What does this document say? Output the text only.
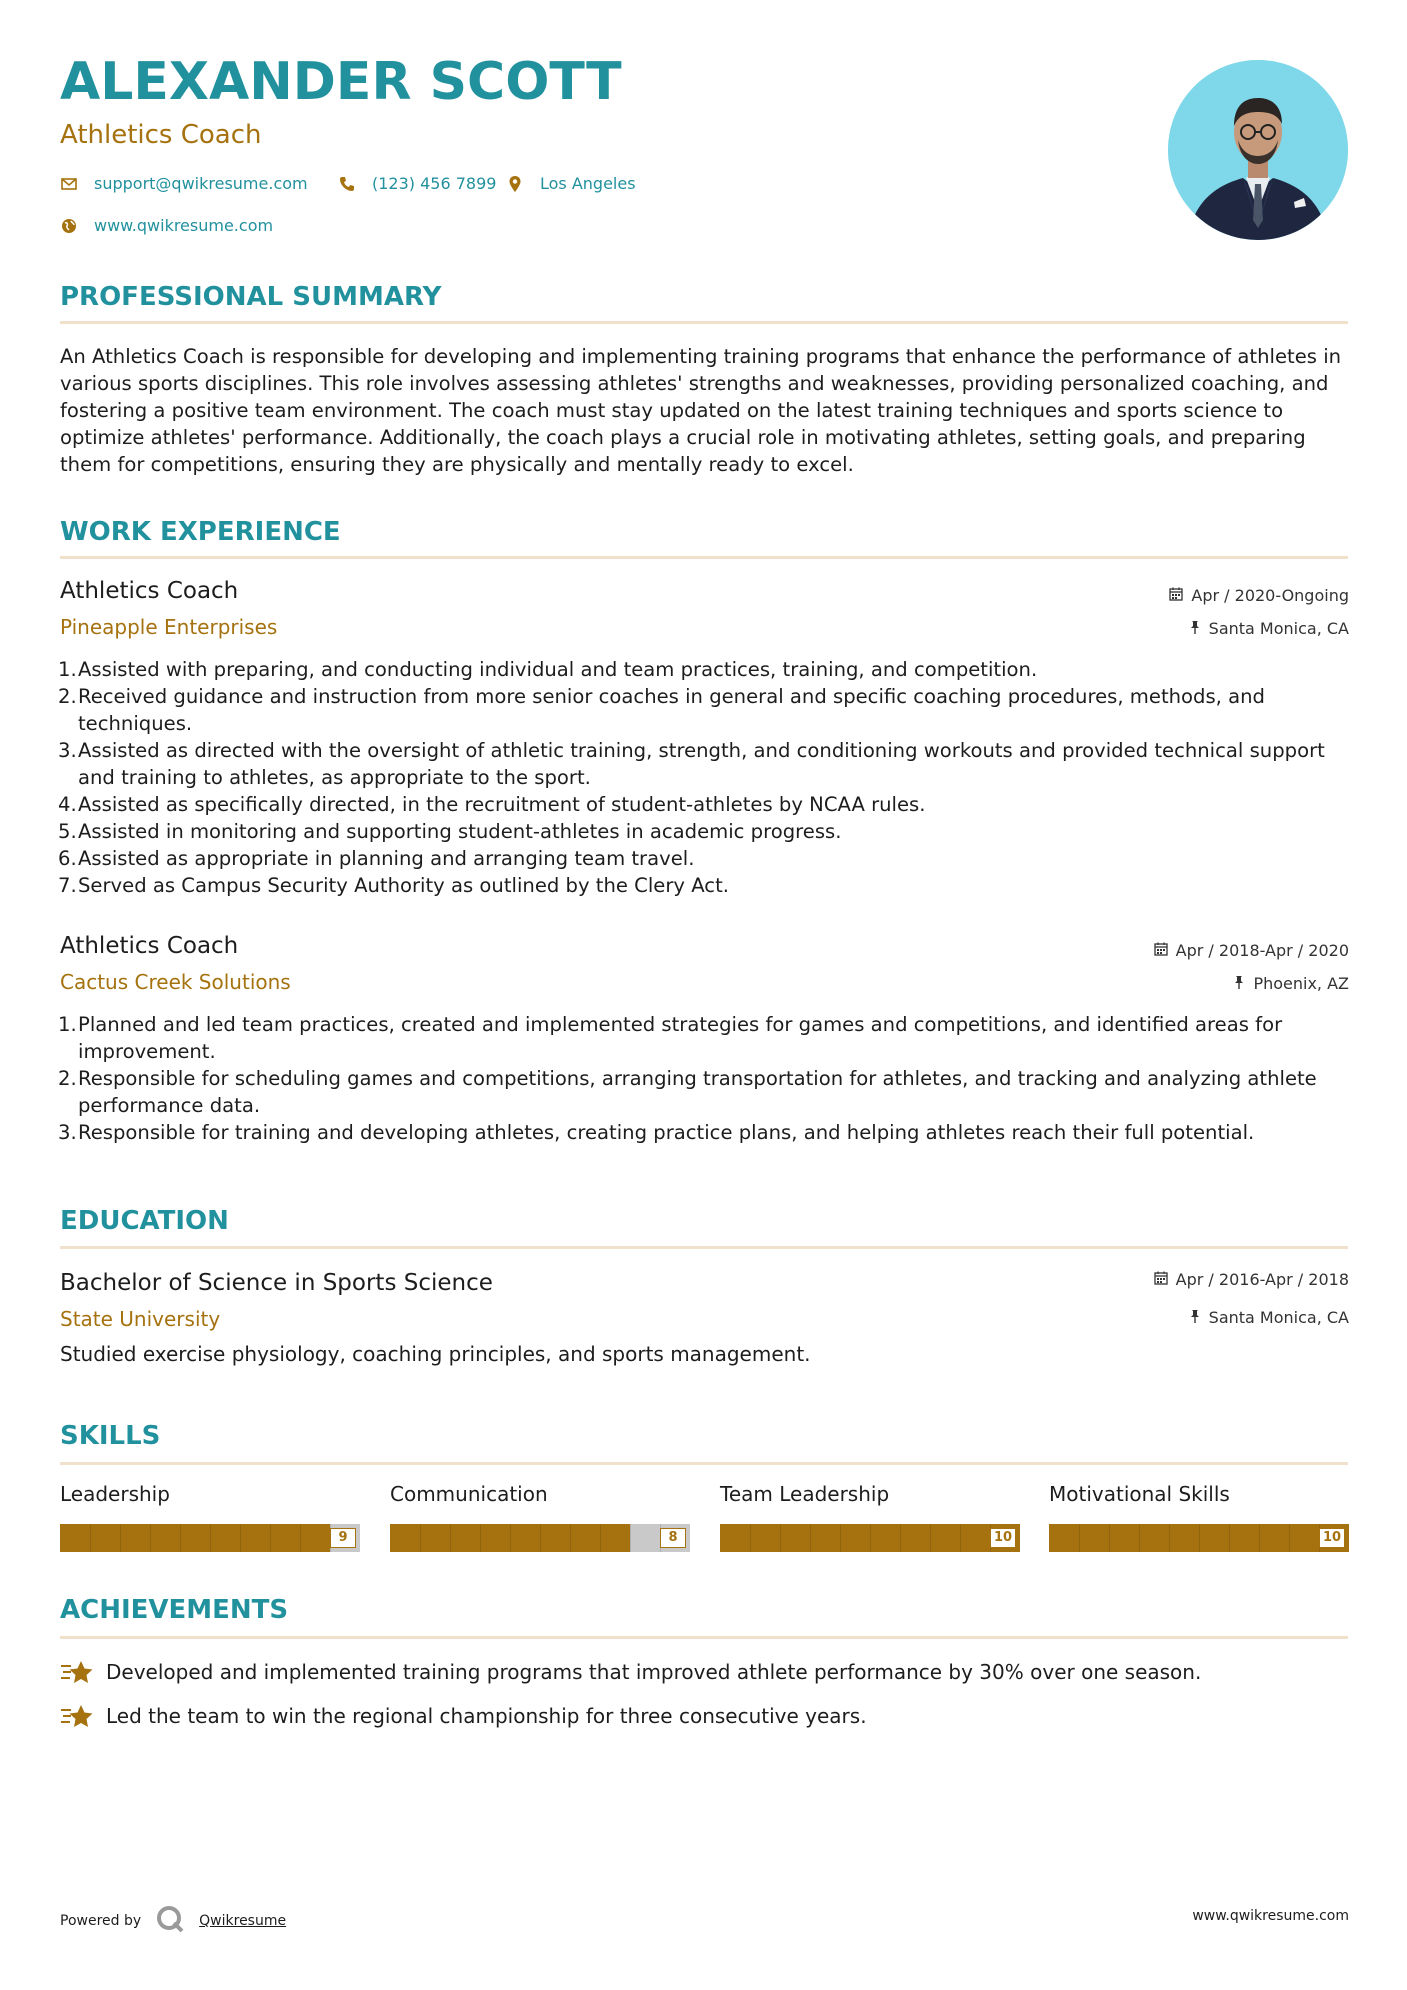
ALEXANDER SCOTT
Athletics Coach
support@qwikresume.com	(123) 456 7899	Los Angeles
www.qwikresume.com
PROFESSIONAL SUMMARY
An Athletics Coach is responsible for developing and implementing training programs that enhance the performance of athletes in various sports disciplines. This role involves assessing athletes' strengths and weaknesses, providing personalized coaching, and fostering a positive team environment. The coach must stay updated on the latest training techniques and sports science to optimize athletes' performance. Additionally, the coach plays a crucial role in motivating athletes, setting goals, and preparing them for competitions, ensuring they are physically and mentally ready to excel.
WORK EXPERIENCE
Athletics Coach
Pineapple Enterprises
Apr / 2020-Ongoing
Santa Monica, CA
1. Assisted with preparing, and conducting individual and team practices, training, and competition.
2. Received guidance and instruction from more senior coaches in general and specific coaching procedures, methods, and techniques.
3. Assisted as directed with the oversight of athletic training, strength, and conditioning workouts and provided technical support and training to athletes, as appropriate to the sport.
4. Assisted as specifically directed, in the recruitment of student-athletes by NCAA rules.
5. Assisted in monitoring and supporting student-athletes in academic progress.
6. Assisted as appropriate in planning and arranging team travel.
7. Served as Campus Security Authority as outlined by the Clery Act.
Athletics Coach
Cactus Creek Solutions
Apr / 2018-Apr / 2020
Phoenix, AZ
1. Planned and led team practices, created and implemented strategies for games and competitions, and identified areas for improvement.
2. Responsible for scheduling games and competitions, arranging transportation for athletes, and tracking and analyzing athlete performance data.
3. Responsible for training and developing athletes, creating practice plans, and helping athletes reach their full potential.
EDUCATION
Bachelor of Science in Sports Science
State University
Apr / 2016-Apr / 2018
Santa Monica, CA
Studied exercise physiology, coaching principles, and sports management.
SKILLS
Leadership
9
Communication
8
Team Leadership
10
Motivational Skills
10
ACHIEVEMENTS
Developed and implemented training programs that improved athlete performance by 30% over one season.
Led the team to win the regional championship for three consecutive years.
Powered by	Qwikresume	www.qwikresume.com
